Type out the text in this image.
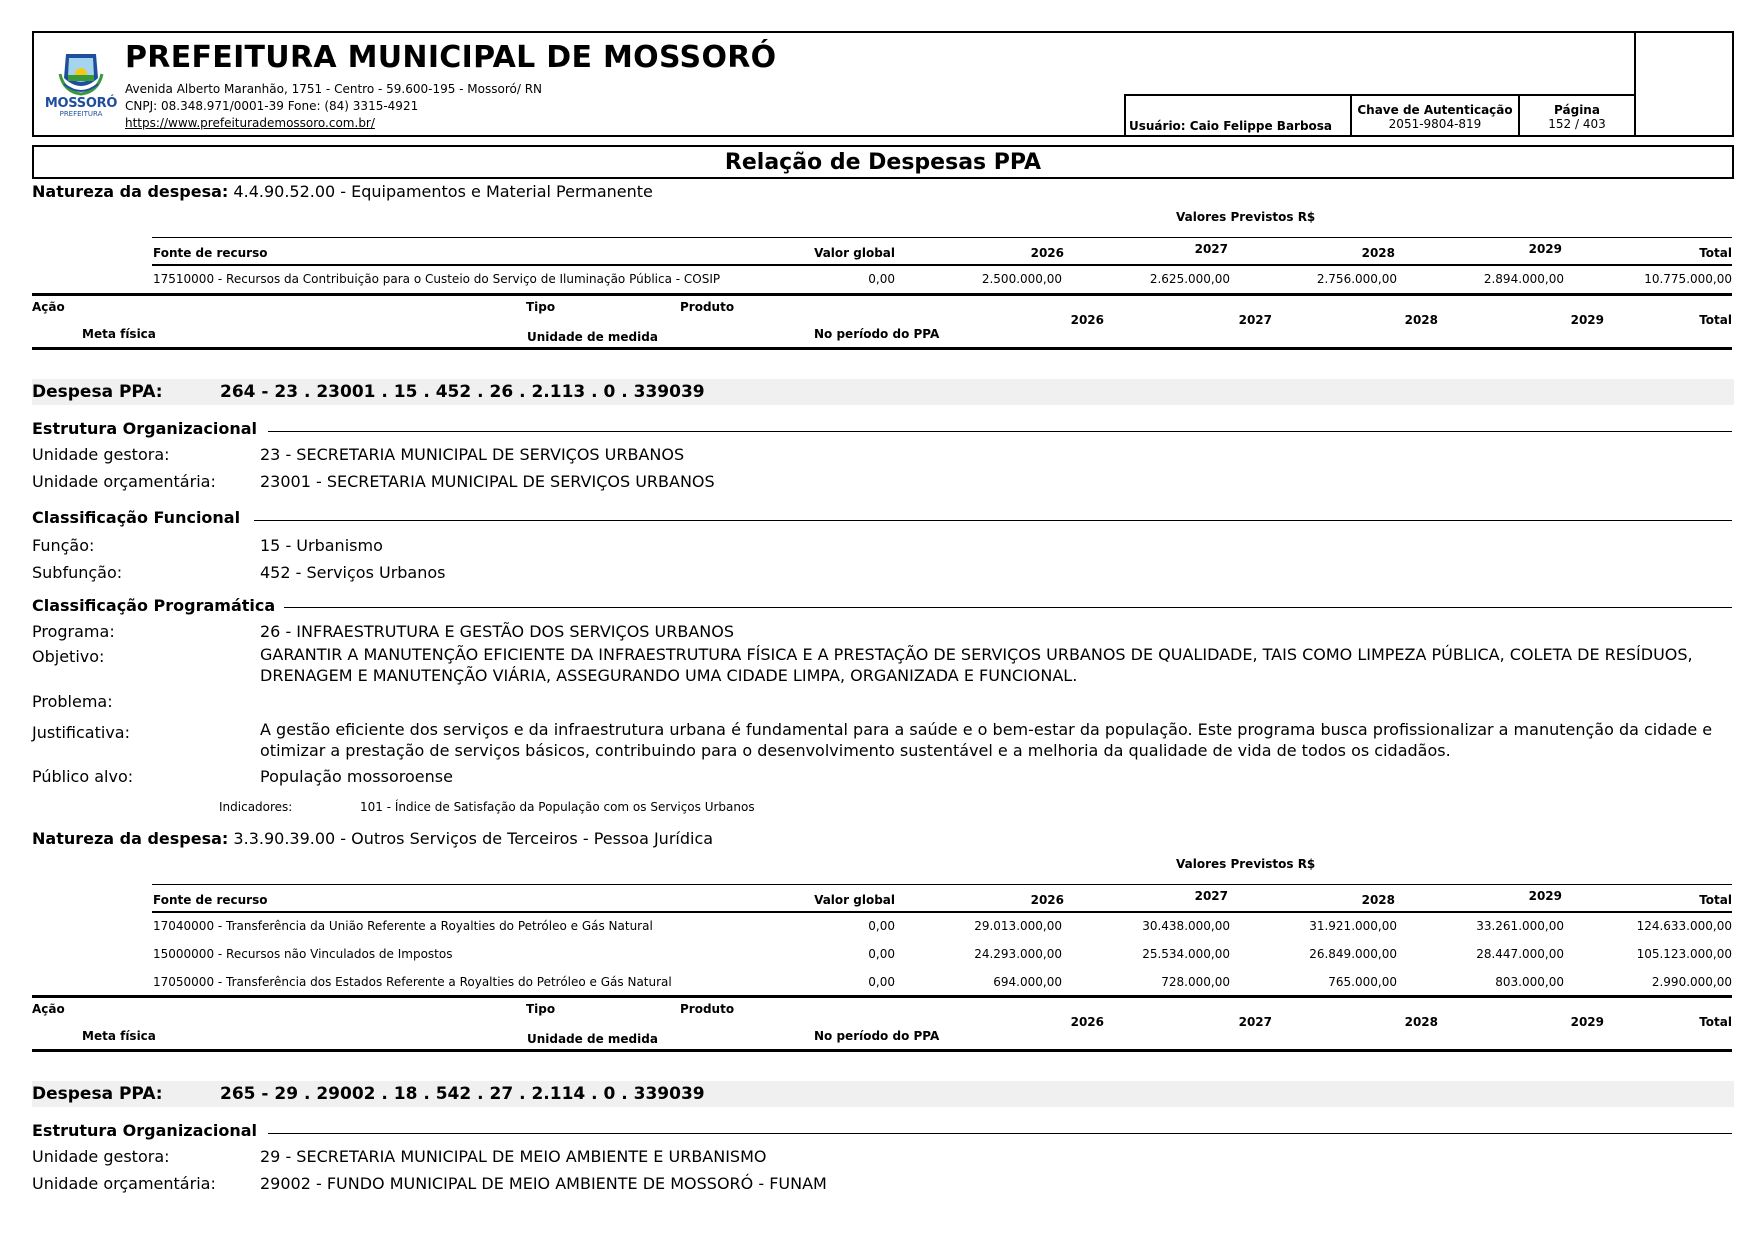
MOSSORÓ
PREFEITURA
PREFEITURA MUNICIPAL DE MOSSORÓ
Avenida Alberto Maranhão, 1751 - Centro - 59.600-195 - Mossoró/ RN
CNPJ: 08.348.971/0001-39 Fone: (84) 3315-4921
https://www.prefeiturademossoro.com.br/	Usuário: Caio Felippe Barbosa
Chave de Autenticação
2051-9804-819
Página
152 / 403
Relação de Despesas PPA
Natureza da despesa: 4.4.90.52.00 - Equipamentos e Material Permanente
Valores Previstos R$
Fonte de recurso	Valor global	2026	2027	2028	2029	Total
17510000 - Recursos da Contribuição para o Custeio do Serviço de Iluminação Pública - COSIP	0,00	2.500.000,00	2.625.000,00	2.756.000,00	2.894.000,00	10.775.000,00
Ação	Tipo	Produto
Meta física	Unidade de medida	No período do PPA
2026	2027	2028	2029	Total
Despesa PPA:	264 - 23 . 23001 . 15 . 452 . 26 . 2.113 . 0 . 339039
Estrutura Organizacional
Unidade gestora:	23 - SECRETARIA MUNICIPAL DE SERVIÇOS URBANOS
Unidade orçamentária:	23001 - SECRETARIA MUNICIPAL DE SERVIÇOS URBANOS
Classificação Funcional
Função:	15 - Urbanismo
Subfunção:	452 - Serviços Urbanos
Classificação Programática
Programa:	26 - INFRAESTRUTURA E GESTÃO DOS SERVIÇOS URBANOS
Objetivo:	GARANTIR A MANUTENÇÃO EFICIENTE DA INFRAESTRUTURA FÍSICA E A PRESTAÇÃO DE SERVIÇOS URBANOS DE QUALIDADE, TAIS COMO LIMPEZA PÚBLICA, COLETA DE RESÍDUOS, DRENAGEM E MANUTENÇÃO VIÁRIA, ASSEGURANDO UMA CIDADE LIMPA, ORGANIZADA E FUNCIONAL.
Problema:
Justificativa:	A gestão eficiente dos serviços e da infraestrutura urbana é fundamental para a saúde e o bem-estar da população. Este programa busca profissionalizar a manutenção da cidade e otimizar a prestação de serviços básicos, contribuindo para o desenvolvimento sustentável e a melhoria da qualidade de vida de todos os cidadãos.
Público alvo:	População mossoroense
Indicadores:	101 - Índice de Satisfação da População com os Serviços Urbanos
Natureza da despesa: 3.3.90.39.00 - Outros Serviços de Terceiros - Pessoa Jurídica
Valores Previstos R$
Fonte de recurso	Valor global	2026	2027	2028	2029	Total
17040000 - Transferência da União Referente a Royalties do Petróleo e Gás Natural	0,00	29.013.000,00	30.438.000,00	31.921.000,00	33.261.000,00	124.633.000,00
15000000 - Recursos não Vinculados de Impostos	0,00	24.293.000,00	25.534.000,00	26.849.000,00	28.447.000,00	105.123.000,00
17050000 - Transferência dos Estados Referente a Royalties do Petróleo e Gás Natural	0,00	694.000,00	728.000,00	765.000,00	803.000,00	2.990.000,00
Ação	Tipo	Produto
Meta física	Unidade de medida	No período do PPA
2026	2027	2028	2029	Total
Despesa PPA:	265 - 29 . 29002 . 18 . 542 . 27 . 2.114 . 0 . 339039
Estrutura Organizacional
Unidade gestora:	29 - SECRETARIA MUNICIPAL DE MEIO AMBIENTE E URBANISMO
Unidade orçamentária:	29002 - FUNDO MUNICIPAL DE MEIO AMBIENTE DE MOSSORÓ - FUNAM
